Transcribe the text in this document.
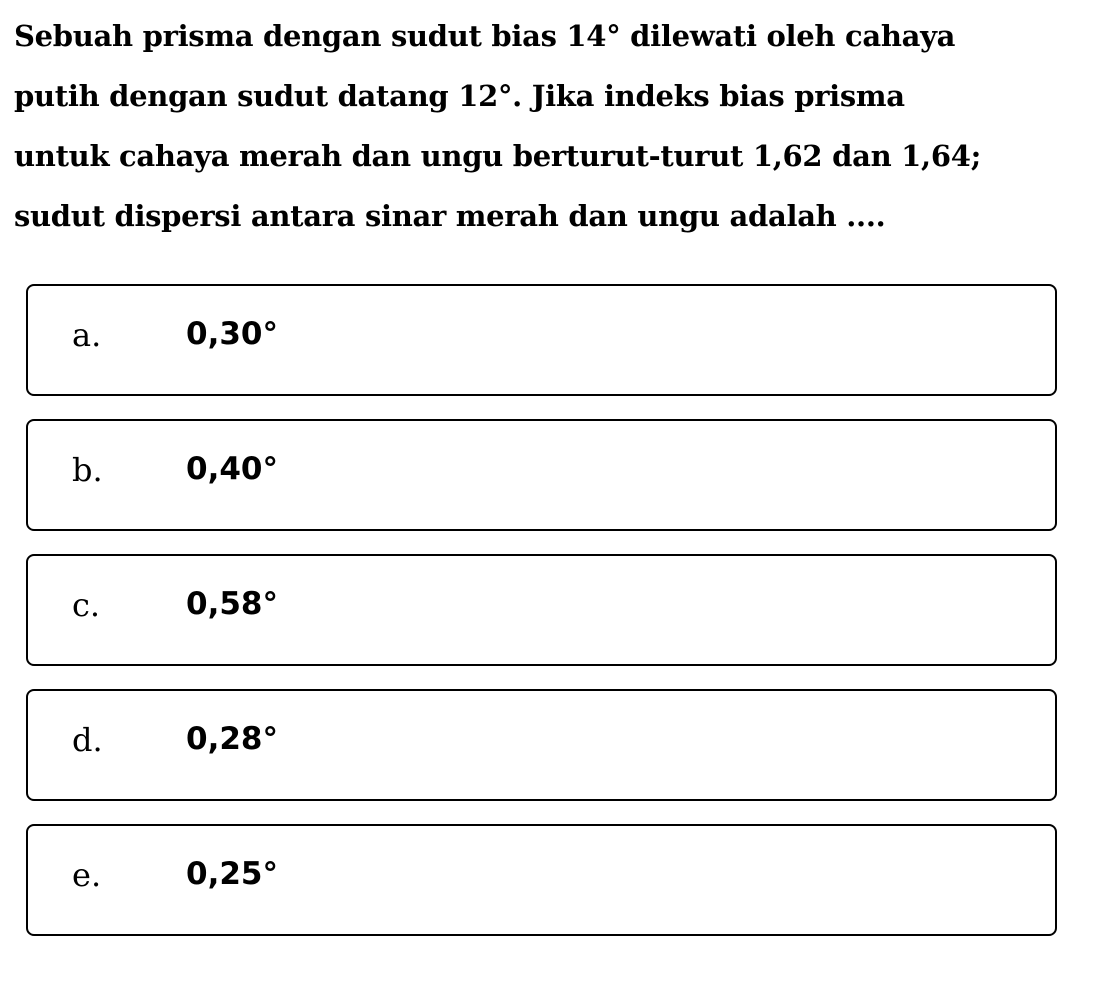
Sebuah prisma dengan sudut bias 14° dilewati oleh cahaya
putih dengan sudut datang 12°. Jika indeks bias prisma
untuk cahaya merah dan ungu berturut-turut 1,62 dan 1,64;
sudut dispersi antara sinar merah dan ungu adalah ....
a.	0,30°
b.	0,40°
c.	0,58°
d.	0,28°
e.	0,25°
